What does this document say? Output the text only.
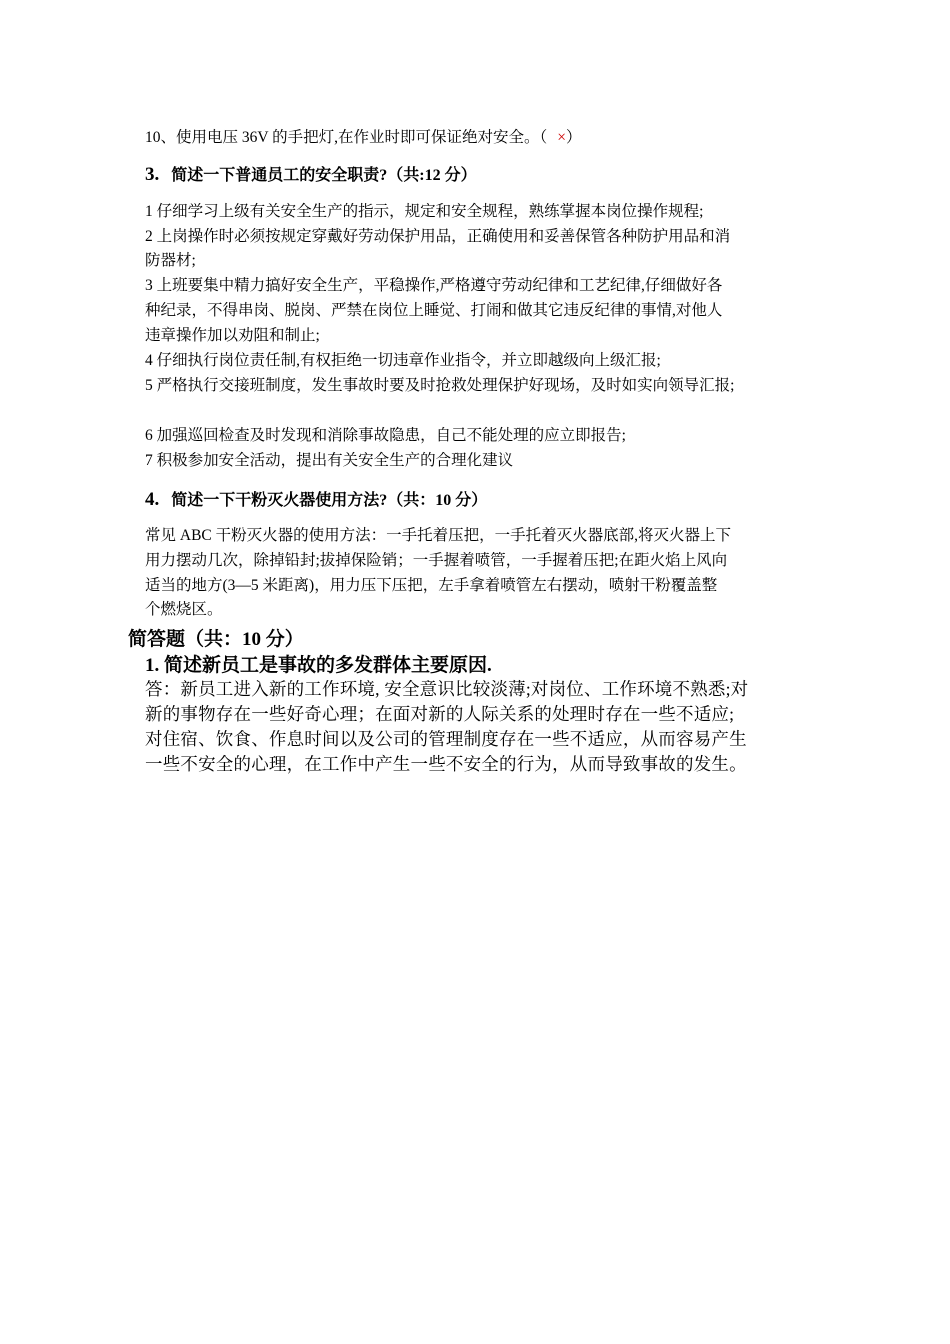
10、使用电压 36V 的手把灯,在作业时即可保证绝对安全。（ ×）
3. 简述一下普通员工的安全职责?（共:12 分）
1 仔细学习上级有关安全生产的指示，规定和安全规程，熟练掌握本岗位操作规程;
2 上岗操作时必须按规定穿戴好劳动保护用品，正确使用和妥善保管各种防护用品和消
防器材;
3 上班要集中精力搞好安全生产，平稳操作,严格遵守劳动纪律和工艺纪律,仔细做好各
种纪录，不得串岗、脱岗、严禁在岗位上睡觉、打闹和做其它违反纪律的事情,对他人
违章操作加以劝阻和制止;
4 仔细执行岗位责任制,有权拒绝一切违章作业指令，并立即越级向上级汇报;
5 严格执行交接班制度，发生事故时要及时抢救处理保护好现场，及时如实向领导汇报;
6 加强巡回检查及时发现和消除事故隐患，自己不能处理的应立即报告;
7 积极参加安全活动，提出有关安全生产的合理化建议
4. 简述一下干粉灭火器使用方法?（共：10 分）
常见 ABC 干粉灭火器的使用方法：一手托着压把，一手托着灭火器底部,将灭火器上下
用力摆动几次，除掉铅封;拔掉保险销；一手握着喷管，一手握着压把;在距火焰上风向
适当的地方(3—5 米距离)，用力压下压把，左手拿着喷管左右摆动，喷射干粉覆盖整
个燃烧区。
简答题（共：10 分）
1. 简述新员工是事故的多发群体主要原因.
答：新员工进入新的工作环境, 安全意识比较淡薄;对岗位、工作环境不熟悉;对
新的事物存在一些好奇心理；在面对新的人际关系的处理时存在一些不适应;
对住宿、饮食、作息时间以及公司的管理制度存在一些不适应，从而容易产生
一些不安全的心理，在工作中产生一些不安全的行为，从而导致事故的发生。
